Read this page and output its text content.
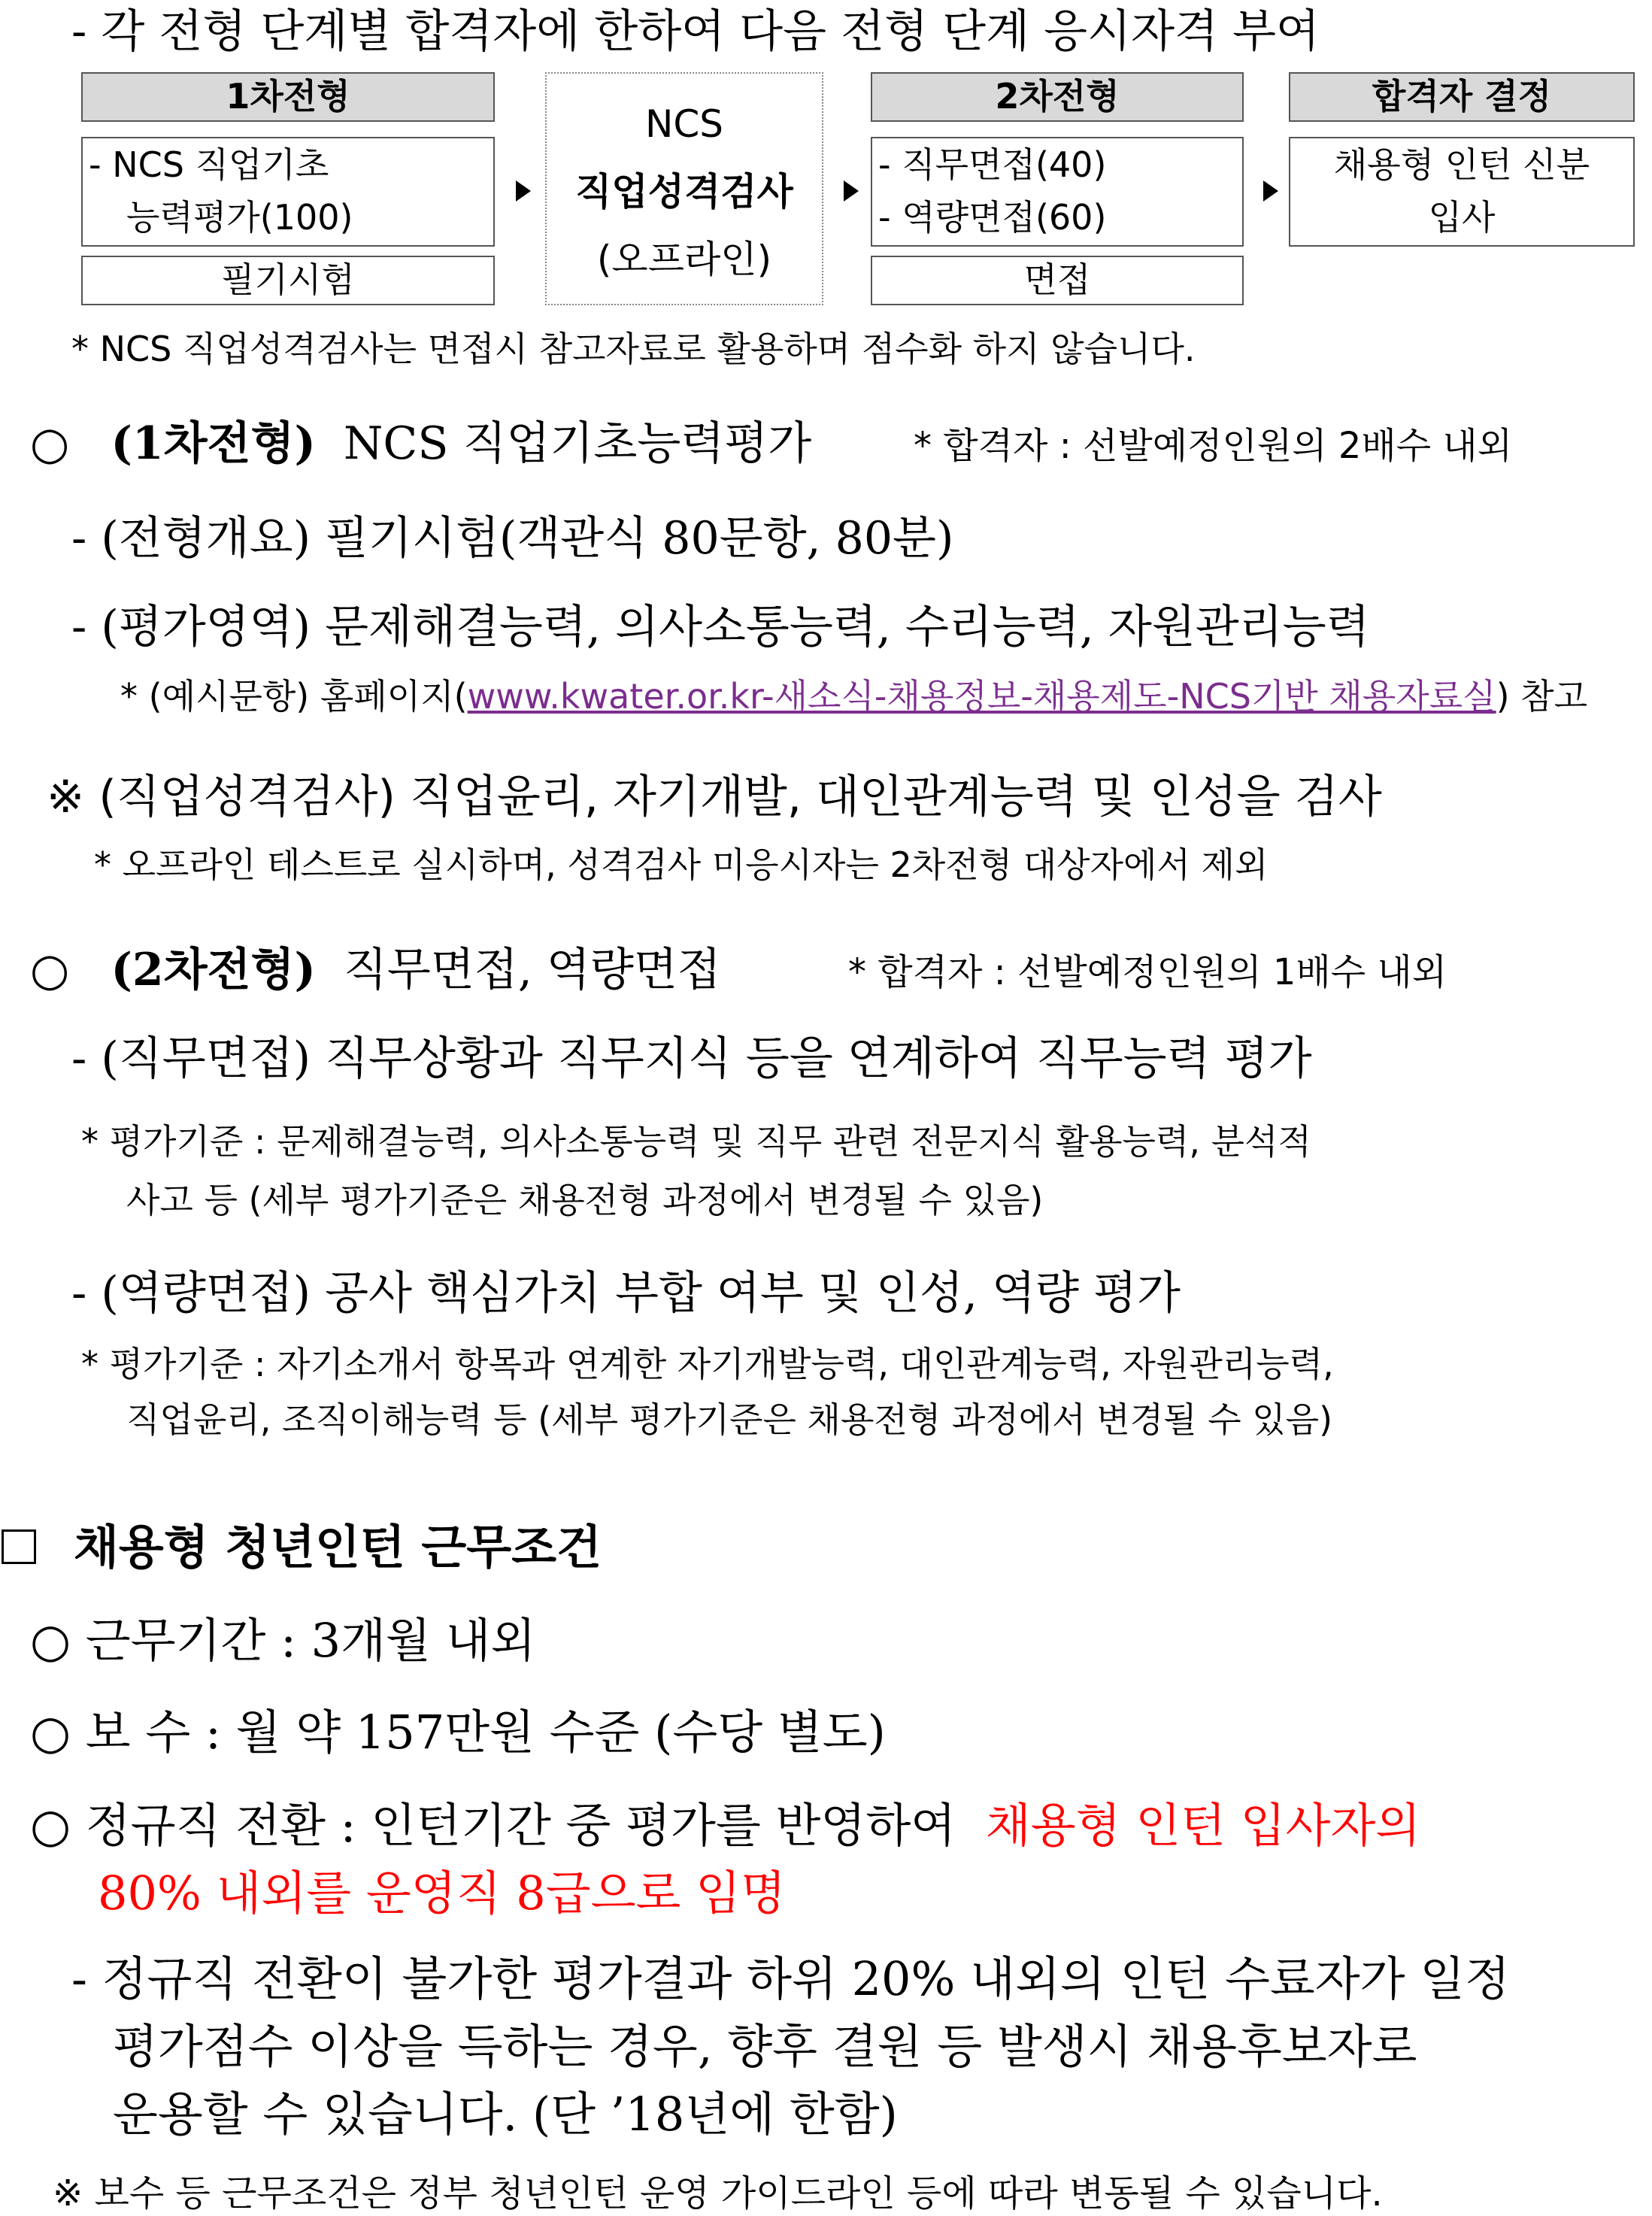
- 각 전형 단계별 합격자에 한하여 다음 전형 단계 응시자격 부여
1차전형
- NCS 직업기초
능력평가(100)
필기시험
NCS
직업성격검사
(오프라인)
2차전형
- 직무면접(40)
- 역량면접(60)
면접
합격자 결정
채용형 인턴 신분
입사
* NCS 직업성격검사는 면접시 참고자료로 활용하며 점수화 하지 않습니다.
○ (1차전형) NCS 직업기초능력평가	* 합격자 : 선발예정인원의 2배수 내외
- (전형개요) 필기시험(객관식 80문항, 80분)
- (평가영역) 문제해결능력, 의사소통능력, 수리능력, 자원관리능력
* (예시문항) 홈페이지(www.kwater.or.kr-새소식-채용정보-채용제도-NCS기반 채용자료실) 참고
※ (직업성격검사) 직업윤리, 자기개발, 대인관계능력 및 인성을 검사
* 오프라인 테스트로 실시하며, 성격검사 미응시자는 2차전형 대상자에서 제외
○ (2차전형) 직무면접, 역량면접	* 합격자 : 선발예정인원의 1배수 내외
- (직무면접) 직무상황과 직무지식 등을 연계하여 직무능력 평가
* 평가기준 : 문제해결능력, 의사소통능력 및 직무 관련 전문지식 활용능력, 분석적
사고 등 (세부 평가기준은 채용전형 과정에서 변경될 수 있음)
- (역량면접) 공사 핵심가치 부합 여부 및 인성, 역량 평가
* 평가기준 : 자기소개서 항목과 연계한 자기개발능력, 대인관계능력, 자원관리능력,
직업윤리, 조직이해능력 등 (세부 평가기준은 채용전형 과정에서 변경될 수 있음)
채용형 청년인턴 근무조건
○ 근무기간 : 3개월 내외
○ 보 수 : 월 약 157만원 수준 (수당 별도)
○ 정규직 전환 : 인턴기간 중 평가를 반영하여 채용형 인턴 입사자의
80% 내외를 운영직 8급으로 임명
- 정규직 전환이 불가한 평가결과 하위 20% 내외의 인턴 수료자가 일정
평가점수 이상을 득하는 경우, 향후 결원 등 발생시 채용후보자로
운용할 수 있습니다. (단 ’18년에 한함)
※ 보수 등 근무조건은 정부 청년인턴 운영 가이드라인 등에 따라 변동될 수 있습니다.
